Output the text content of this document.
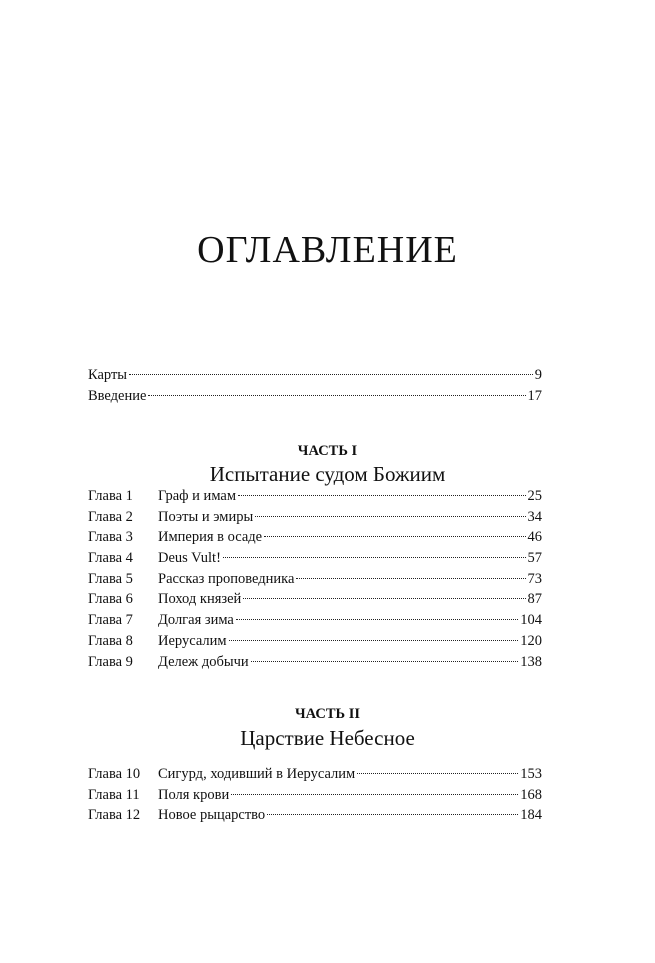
ОГЛАВЛЕНИЕ
Карты	9
Введение	17
ЧАСТЬ I
Испытание судом Божиим
Глава 1	Граф и имам	25
Глава 2	Поэты и эмиры	34
Глава 3	Империя в осаде	46
Глава 4	Deus Vult!	57
Глава 5	Рассказ проповедника	73
Глава 6	Поход князей	87
Глава 7	Долгая зима	104
Глава 8	Иерусалим	120
Глава 9	Дележ добычи	138
ЧАСТЬ II
Царствие Небесное
Глава 10	Сигурд, ходивший в Иерусалим	153
Глава 11	Поля крови	168
Глава 12	Новое рыцарство	184
